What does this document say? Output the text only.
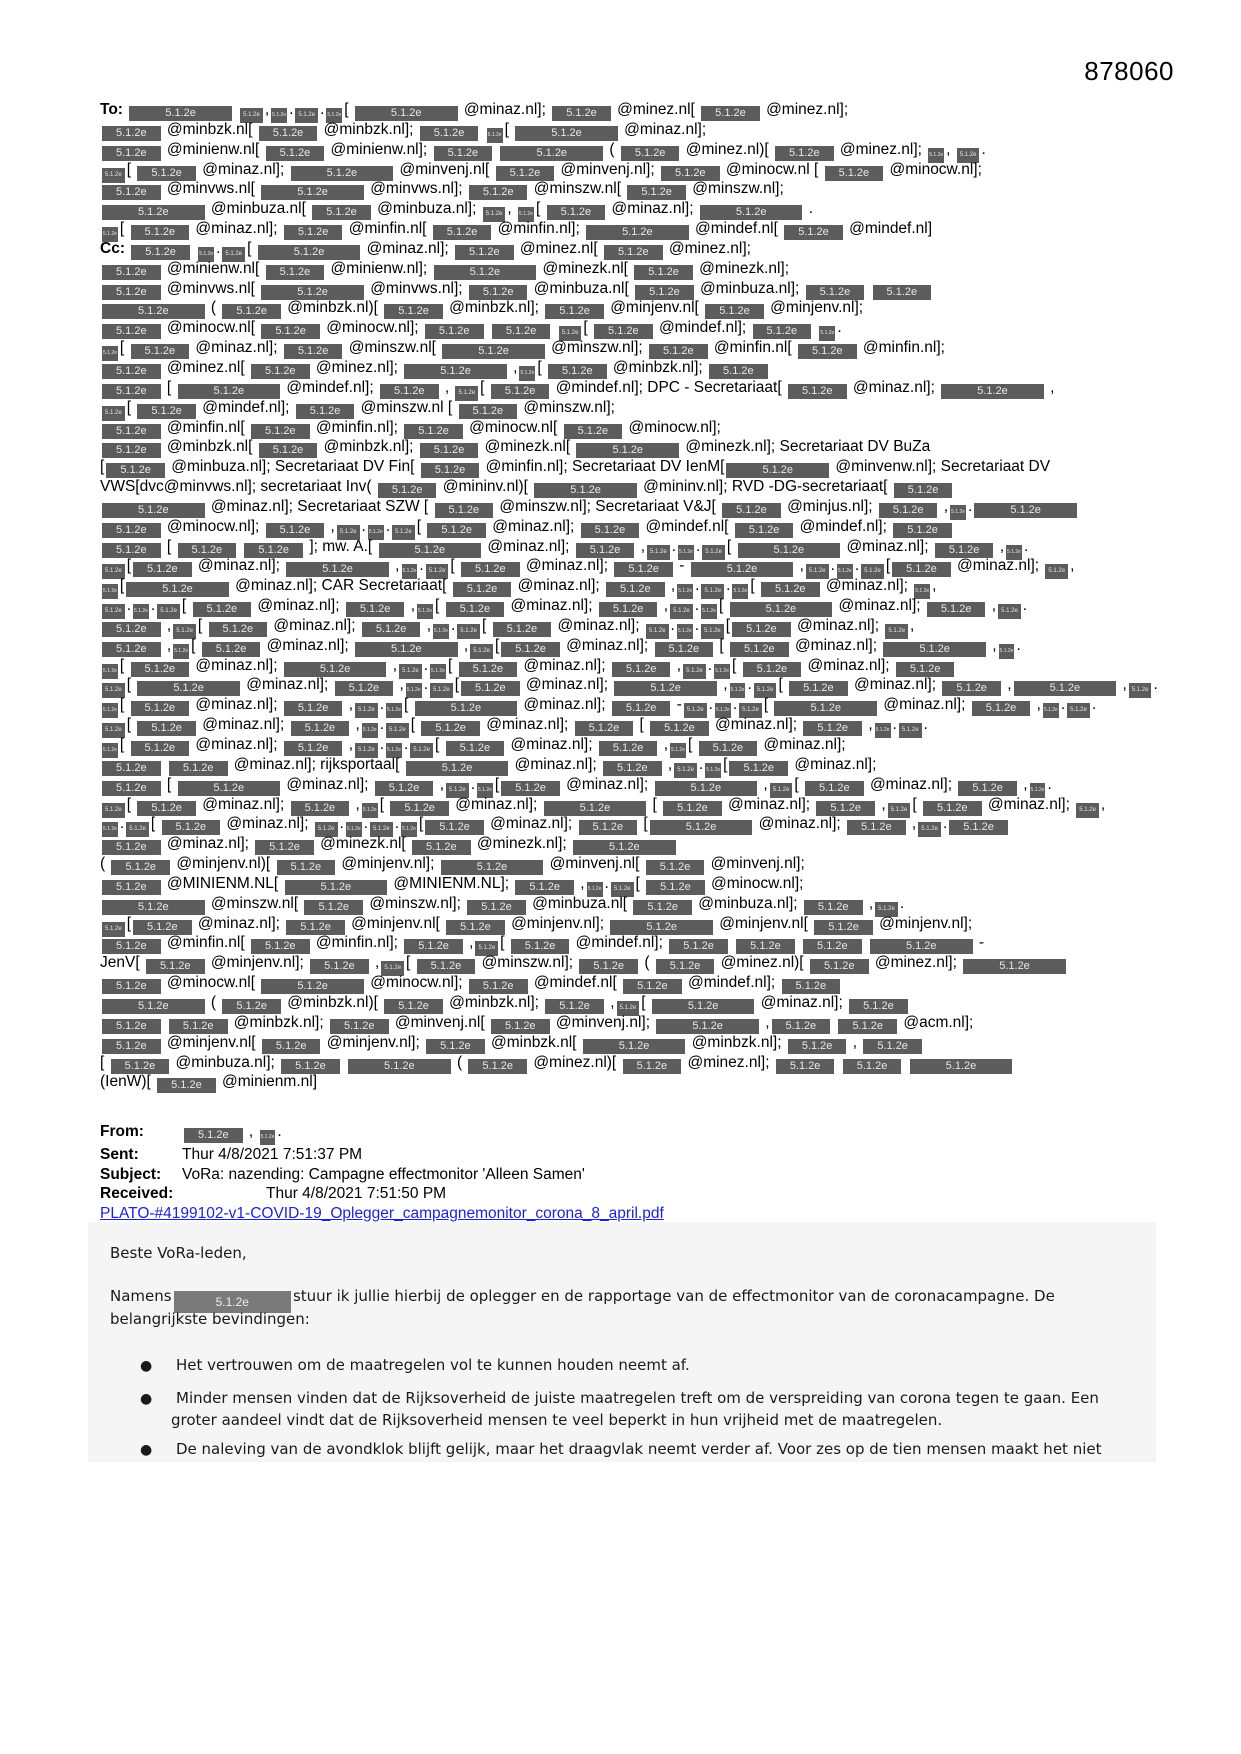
878060
To:	5.1.2e	5.1.2e , 5.1.2e . 5.1.2e . 5.1.2e [	5.1.2e @minaz.nl]; 5.1.2e @minez.nl[ 5.1.2e @minez.nl];
5.1.2e @minbzk.nl[ 5.1.2e @minbzk.nl]; 5.1.2e	5.1.2e [	5.1.2e @minaz.nl];
5.1.2e @minienw.nl[ 5.1.2e @minienw.nl]; 5.1.2e	5.1.2e ( 5.1.2e @minez.nl)[ 5.1.2e @minez.nl]; 5.1.2e , 5.1.2e .
5.1.2e [ 5.1.2e @minaz.nl];	5.1.2e @minvenj.nl[ 5.1.2e @minvenj.nl]; 5.1.2e @minocw.nl [ 5.1.2e @minocw.nl];
5.1.2e @minvws.nl[	5.1.2e @minvws.nl]; 5.1.2e @minszw.nl[ 5.1.2e @minszw.nl];
5.1.2e @minbuza.nl[ 5.1.2e @minbuza.nl]; 5.1.2e , 5.1.2e [ 5.1.2e @minaz.nl];	5.1.2e .
5.1.2e [ 5.1.2e @minaz.nl]; 5.1.2e @minfin.nl[ 5.1.2e @minfin.nl];	5.1.2e @mindef.nl[ 5.1.2e @mindef.nl]
Cc: 5.1.2e	5.1.2e . 5.1.2e [	5.1.2e @minaz.nl]; 5.1.2e @minez.nl[ 5.1.2e @minez.nl];
5.1.2e @minienw.nl[ 5.1.2e @minienw.nl];	5.1.2e @minezk.nl[ 5.1.2e @minezk.nl];
5.1.2e @minvws.nl[	5.1.2e @minvws.nl]; 5.1.2e @minbuza.nl[ 5.1.2e @minbuza.nl]; 5.1.2e	5.1.2e
5.1.2e ( 5.1.2e @minbzk.nl)[ 5.1.2e @minbzk.nl]; 5.1.2e @minjenv.nl[ 5.1.2e @minjenv.nl];
5.1.2e @minocw.nl[ 5.1.2e @minocw.nl]; 5.1.2e	5.1.2e	5.1.2e [ 5.1.2e @mindef.nl]; 5.1.2e	5.1.2e .
5.1.2e [ 5.1.2e @minaz.nl]; 5.1.2e @minszw.nl[	5.1.2e @minszw.nl]; 5.1.2e @minfin.nl[ 5.1.2e @minfin.nl];
5.1.2e @minez.nl[ 5.1.2e @minez.nl];	5.1.2e , 5.1.2e [ 5.1.2e @minbzk.nl]; 5.1.2e
5.1.2e [	5.1.2e @mindef.nl]; 5.1.2e , 5.1.2e [ 5.1.2e @mindef.nl]; DPC - Secretariaat[ 5.1.2e @minaz.nl];	5.1.2e ,
5.1.2e [ 5.1.2e @mindef.nl]; 5.1.2e @minszw.nl [ 5.1.2e @minszw.nl];
5.1.2e @minfin.nl[ 5.1.2e @minfin.nl]; 5.1.2e @minocw.nl[ 5.1.2e @minocw.nl];
5.1.2e @minbzk.nl[ 5.1.2e @minbzk.nl]; 5.1.2e @minezk.nl[	5.1.2e @minezk.nl]; Secretariaat DV BuZa
[ 5.1.2e @minbuza.nl]; Secretariaat DV Fin[ 5.1.2e @minfin.nl]; Secretariaat DV IenM[	5.1.2e @minvenw.nl]; Secretariaat DV
VWS[dvc@minvws.nl]; secretariaat Inv( 5.1.2e @mininv.nl)[	5.1.2e @mininv.nl]; RVD -DG-secretariaat[ 5.1.2e
5.1.2e @minaz.nl]; Secretariaat SZW [ 5.1.2e @minszw.nl]; Secretariaat V&J[ 5.1.2e @minjus.nl]; 5.1.2e , 5.1.2e .	5.1.2e
5.1.2e @minocw.nl]; 5.1.2e , 5.1.2e . 5.1.2e . 5.1.2e [ 5.1.2e @minaz.nl]; 5.1.2e @mindef.nl[ 5.1.2e @mindef.nl]; 5.1.2e
5.1.2e [ 5.1.2e	5.1.2e ]; mw. A.[	5.1.2e @minaz.nl]; 5.1.2e , 5.1.2e . 5.1.2e . 5.1.2e [	5.1.2e @minaz.nl]; 5.1.2e , 5.1.2e .
5.1.2e [ 5.1.2e @minaz.nl];	5.1.2e , 5.1.2e . 5.1.2e [ 5.1.2e @minaz.nl]; 5.1.2e -	5.1.2e , 5.1.2e . 5.1.2e . 5.1.2e [ 5.1.2e @minaz.nl]; 5.1.2e ,
5.1.2e [	5.1.2e @minaz.nl]; CAR Secretariaat[ 5.1.2e @minaz.nl]; 5.1.2e , 5.1.2e . 5.1.2e . 5.1.2e [ 5.1.2e @minaz.nl]; 5.1.2e ,
5.1.2e . 5.1.2e . 5.1.2e [ 5.1.2e @minaz.nl]; 5.1.2e , 5.1.2e [ 5.1.2e @minaz.nl]; 5.1.2e , 5.1.2e . 5.1.2e [	5.1.2e @minaz.nl]; 5.1.2e , 5.1.2e .
5.1.2e , 5.1.2e [ 5.1.2e @minaz.nl]; 5.1.2e , 5.1.2e . 5.1.2e [ 5.1.2e @minaz.nl]; 5.1.2e . 5.1.2e . 5.1.2e [ 5.1.2e @minaz.nl]; 5.1.2e ,
5.1.2e , 5.1.2e [ 5.1.2e @minaz.nl];	5.1.2e , 5.1.2e [ 5.1.2e @minaz.nl]; 5.1.2e [ 5.1.2e @minaz.nl];	5.1.2e , 5.1.2e .
5.1.2e [ 5.1.2e @minaz.nl];	5.1.2e , 5.1.2e . 5.1.2e [ 5.1.2e @minaz.nl]; 5.1.2e , 5.1.2e . 5.1.2e [ 5.1.2e @minaz.nl]; 5.1.2e
5.1.2e [	5.1.2e @minaz.nl]; 5.1.2e , 5.1.2e . 5.1.2e [ 5.1.2e @minaz.nl];	5.1.2e , 5.1.2e . 5.1.2e [ 5.1.2e @minaz.nl]; 5.1.2e ,	5.1.2e , 5.1.2e .
5.1.2e [ 5.1.2e @minaz.nl]; 5.1.2e , 5.1.2e . 5.1.2e [	5.1.2e @minaz.nl]; 5.1.2e - 5.1.2e . 5.1.2e . 5.1.2e [	5.1.2e @minaz.nl]; 5.1.2e , 5.1.2e . 5.1.2e .
5.1.2e [ 5.1.2e @minaz.nl]; 5.1.2e , 5.1.2e . 5.1.2e [ 5.1.2e @minaz.nl]; 5.1.2e [ 5.1.2e @minaz.nl]; 5.1.2e , 5.1.2e . 5.1.2e .
5.1.2e [ 5.1.2e @minaz.nl]; 5.1.2e , 5.1.2e . 5.1.2e . 5.1.2e [ 5.1.2e @minaz.nl]; 5.1.2e , 5.1.2e [ 5.1.2e @minaz.nl];
5.1.2e	5.1.2e @minaz.nl]; rijksportaal[	5.1.2e @minaz.nl]; 5.1.2e , 5.1.2e . 5.1.2e [ 5.1.2e @minaz.nl];
5.1.2e [	5.1.2e @minaz.nl]; 5.1.2e , 5.1.2e . 5.1.2e [ 5.1.2e @minaz.nl];	5.1.2e , 5.1.2e [ 5.1.2e @minaz.nl]; 5.1.2e , 5.1.2e .
5.1.2e [ 5.1.2e @minaz.nl]; 5.1.2e , 5.1.2e [ 5.1.2e @minaz.nl];	5.1.2e [ 5.1.2e @minaz.nl]; 5.1.2e , 5.1.2e [ 5.1.2e @minaz.nl]; 5.1.2e ,
5.1.2e . 5.1.2e [ 5.1.2e @minaz.nl]; 5.1.2e . 5.1.2e . 5.1.2e . 5.1.2e [ 5.1.2e @minaz.nl]; 5.1.2e [	5.1.2e @minaz.nl]; 5.1.2e , 5.1.2e . 5.1.2e
5.1.2e @minaz.nl]; 5.1.2e @minezk.nl[ 5.1.2e @minezk.nl];	5.1.2e
( 5.1.2e @minjenv.nl)[ 5.1.2e @minjenv.nl];	5.1.2e @minvenj.nl[ 5.1.2e @minvenj.nl];
5.1.2e @MINIENM.NL[	5.1.2e @MINIENM.NL]; 5.1.2e , 5.1.2e . 5.1.2e [ 5.1.2e @minocw.nl];
5.1.2e @minszw.nl[ 5.1.2e @minszw.nl]; 5.1.2e @minbuza.nl[ 5.1.2e @minbuza.nl]; 5.1.2e , 5.1.2e .
5.1.2e [ 5.1.2e @minaz.nl]; 5.1.2e @minjenv.nl[ 5.1.2e @minjenv.nl];	5.1.2e @minjenv.nl[ 5.1.2e @minjenv.nl];
5.1.2e @minfin.nl[ 5.1.2e @minfin.nl]; 5.1.2e , 5.1.2e [ 5.1.2e @mindef.nl]; 5.1.2e	5.1.2e	5.1.2e	5.1.2e -
JenV[ 5.1.2e @minjenv.nl]; 5.1.2e , 5.1.2e [ 5.1.2e @minszw.nl]; 5.1.2e ( 5.1.2e @minez.nl)[ 5.1.2e @minez.nl];	5.1.2e
5.1.2e @minocw.nl[	5.1.2e @minocw.nl]; 5.1.2e @mindef.nl[ 5.1.2e @mindef.nl]; 5.1.2e
5.1.2e ( 5.1.2e @minbzk.nl)[ 5.1.2e @minbzk.nl]; 5.1.2e , 5.1.2e [	5.1.2e @minaz.nl]; 5.1.2e
5.1.2e	5.1.2e @minbzk.nl]; 5.1.2e @minvenj.nl[ 5.1.2e @minvenj.nl];	5.1.2e , 5.1.2e	5.1.2e @acm.nl];
5.1.2e @minjenv.nl[ 5.1.2e @minjenv.nl]; 5.1.2e @minbzk.nl[	5.1.2e @minbzk.nl]; 5.1.2e , 5.1.2e
[ 5.1.2e @minbuza.nl]; 5.1.2e	5.1.2e ( 5.1.2e @minez.nl)[ 5.1.2e @minez.nl]; 5.1.2e	5.1.2e	5.1.2e
(IenW)[ 5.1.2e @minienm.nl]
From:	5.1.2e , 5.1.2e .
Sent:	Thur 4/8/2021 7:51:37 PM
Subject: VoRa: nazending: Campagne effectmonitor 'Alleen Samen'
Received:	Thur 4/8/2021 7:51:50 PM
PLATO-#4199102-v1-COVID-19_Oplegger_campagnemonitor_corona_8_april.pdf
Beste VoRa-leden,
Namens	5.1.2e	stuur ik jullie hierbij de oplegger en de rapportage van de effectmonitor van de coronacampagne. De
belangrijkste bevindingen:
● Het vertrouwen om de maatregelen vol te kunnen houden neemt af.
● Minder mensen vinden dat de Rijksoverheid de juiste maatregelen treft om de verspreiding van corona tegen te gaan. Een
groter aandeel vindt dat de Rijksoverheid mensen te veel beperkt in hun vrijheid met de maatregelen.
● De naleving van de avondklok blijft gelijk, maar het draagvlak neemt verder af. Voor zes op de tien mensen maakt het niet
